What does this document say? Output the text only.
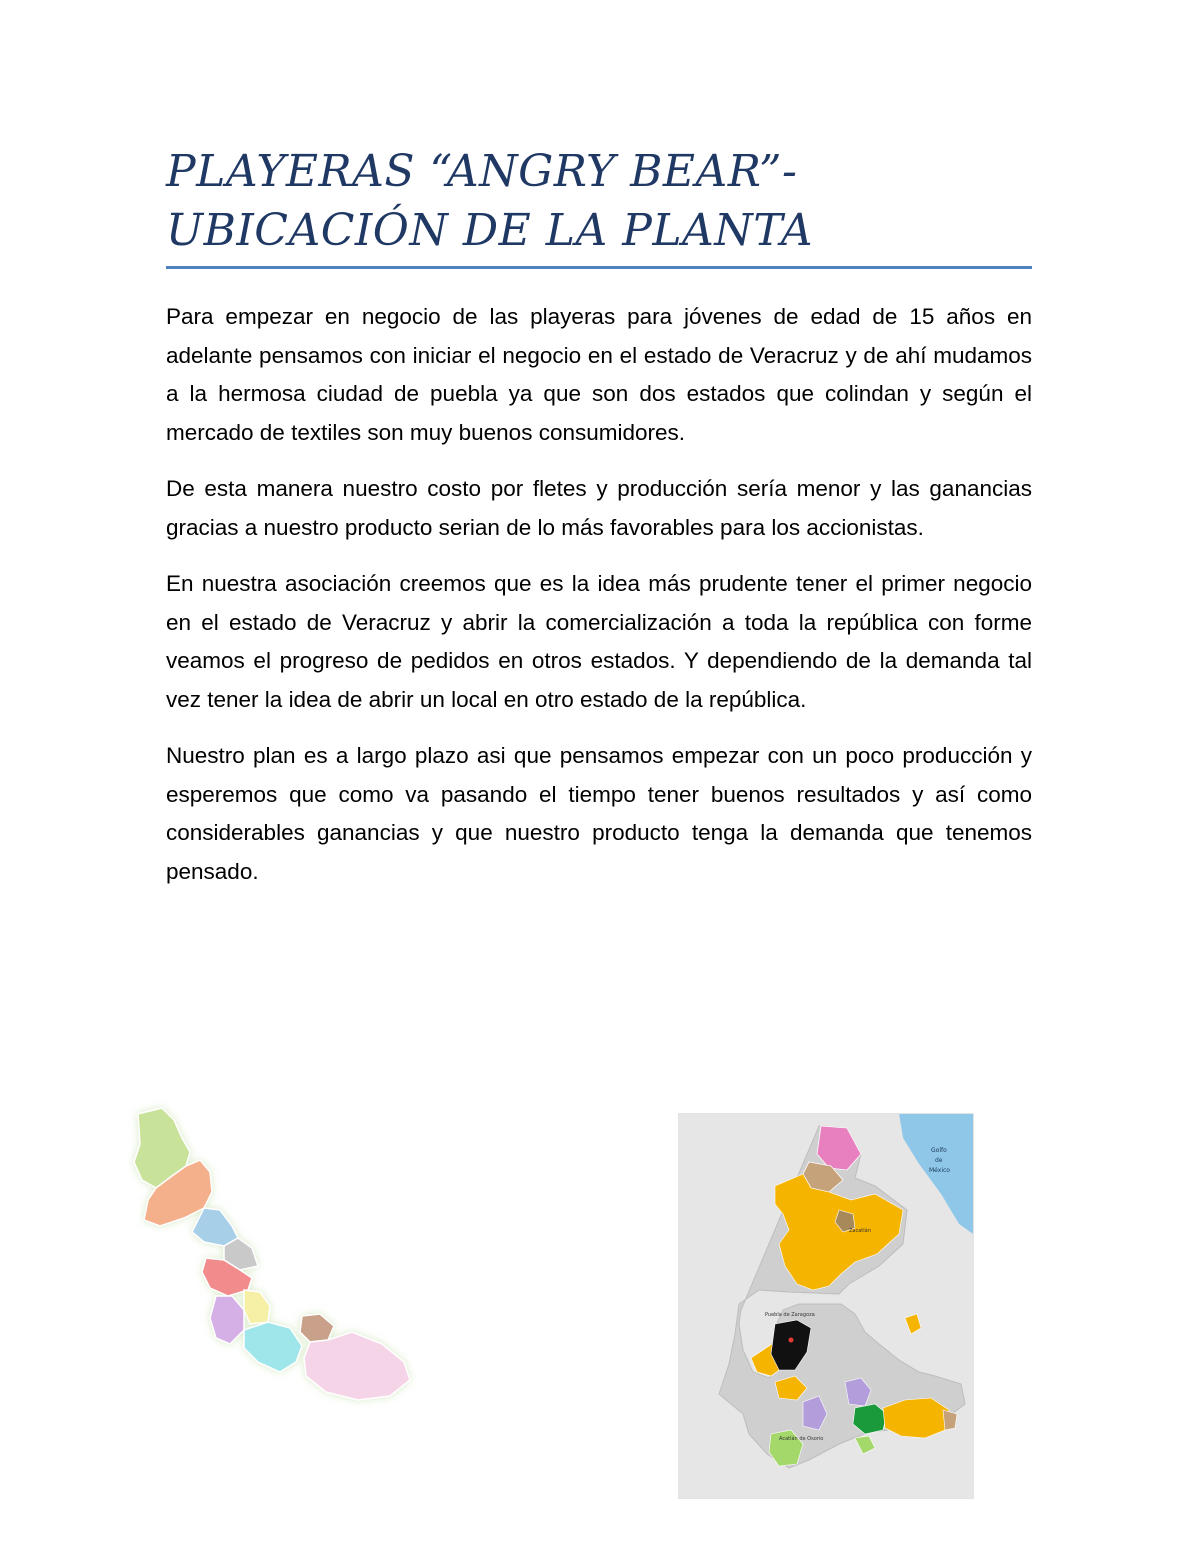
PLAYERAS “ANGRY BEAR”- UBICACIÓN DE LA PLANTA

Para empezar en negocio de las playeras para jóvenes de edad de 15 años en adelante pensamos con iniciar el negocio en el estado de Veracruz y de ahí mudamos a la hermosa ciudad de puebla ya que son dos estados que colindan y según el mercado de textiles son muy buenos consumidores.

De esta manera nuestro costo por fletes y producción sería menor y las ganancias gracias a nuestro producto serian de lo más favorables para los accionistas.

En nuestra asociación creemos que es la idea más prudente tener el primer negocio en el estado de Veracruz y abrir la comercialización a toda la república con forme veamos el progreso de pedidos en otros estados. Y dependiendo de la demanda tal vez tener la idea de abrir un local en otro estado de la república.

Nuestro plan es a largo plazo asi que pensamos empezar con un poco producción y esperemos que como va pasando el tiempo tener buenos resultados y así como considerables ganancias y que nuestro producto tenga la demanda que tenemos pensado.

Golfo
de
México
Zacatlán
Puebla de Zaragoza
Acatlán de Osorio
